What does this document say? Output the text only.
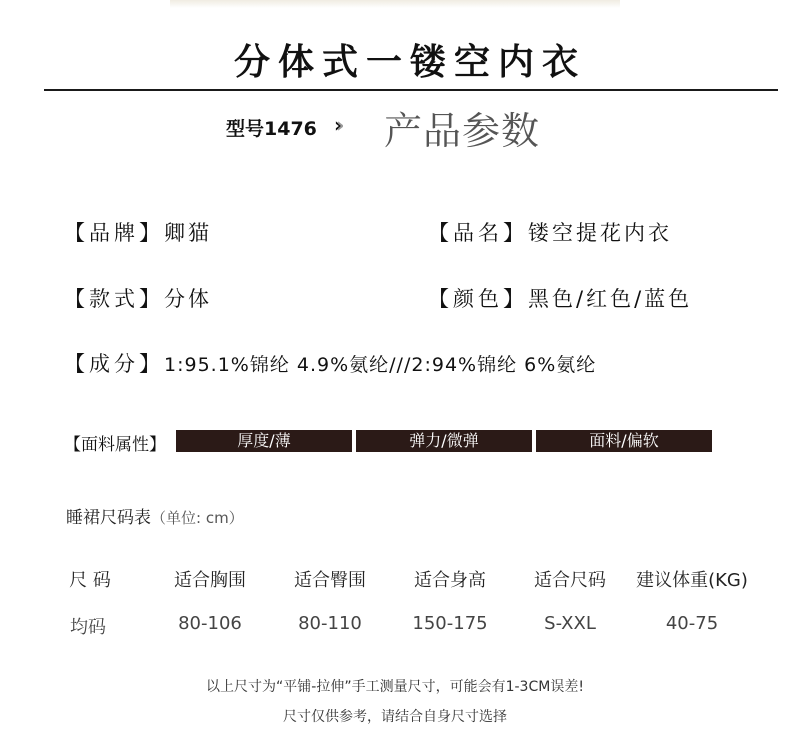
分体式一镂空内衣
型号1476 ›› 产品参数
【品牌】卿猫	【品名】镂空提花内衣
【款式】分体	【颜色】黑色/红色/蓝色
【成分】1:95.1%锦纶 4.9%氨纶///2:94%锦纶 6%氨纶
【面料属性】	厚度/薄	弹力/微弹	面料/偏软
睡裙尺码表（单位: cm）
尺 码	适合胸围	适合臀围	适合身高	适合尺码	建议体重(KG)
均码	80-106	80-110	150-175	S-XXL	40-75
以上尺寸为“平铺-拉伸”手工测量尺寸，可能会有1-3CM误差!
尺寸仅供参考，请结合自身尺寸选择
